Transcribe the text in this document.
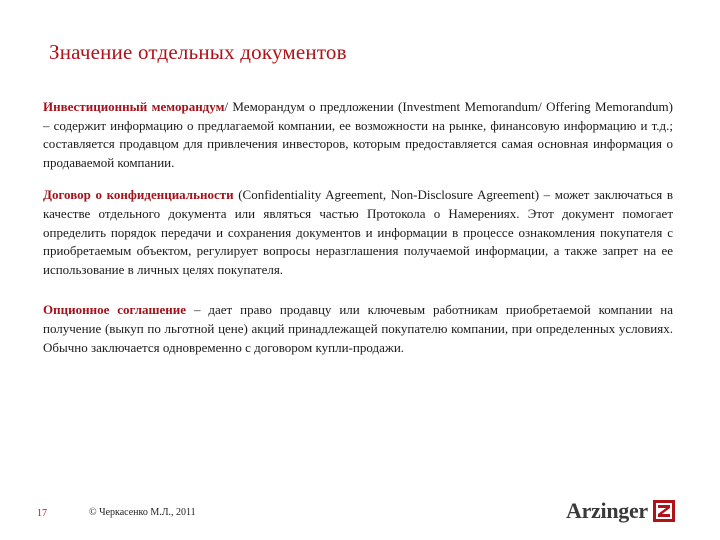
Значение отдельных документов

Инвестиционный меморандум/ Меморандум о предложении (Investment Memorandum/ Offering Memorandum) – содержит информацию о предлагаемой компании, ее возможности на рынке, финансовую информацию и т.д.; составляется продавцом для привлечения инвесторов, которым предоставляется самая основная информация о продаваемой компании.

Договор о конфиденциальности (Confidentiality Agreement, Non-Disclosure Agreement) – может заключаться в качестве отдельного документа или являться частью Протокола о Намерениях. Этот документ помогает определить порядок передачи и сохранения документов и информации в процессе ознакомления покупателя с приобретаемым объектом, регулирует вопросы неразглашения получаемой информации, а также запрет на ее использование в личных целях покупателя.

Опционное соглашение – дает право продавцу или ключевым работникам приобретаемой компании на получение (выкуп по льготной цене) акций принадлежащей покупателю компании, при определенных условиях. Обычно заключается одновременно с договором купли-продажи.

17	© Черкасенко М.Л., 2011	Arzinger
